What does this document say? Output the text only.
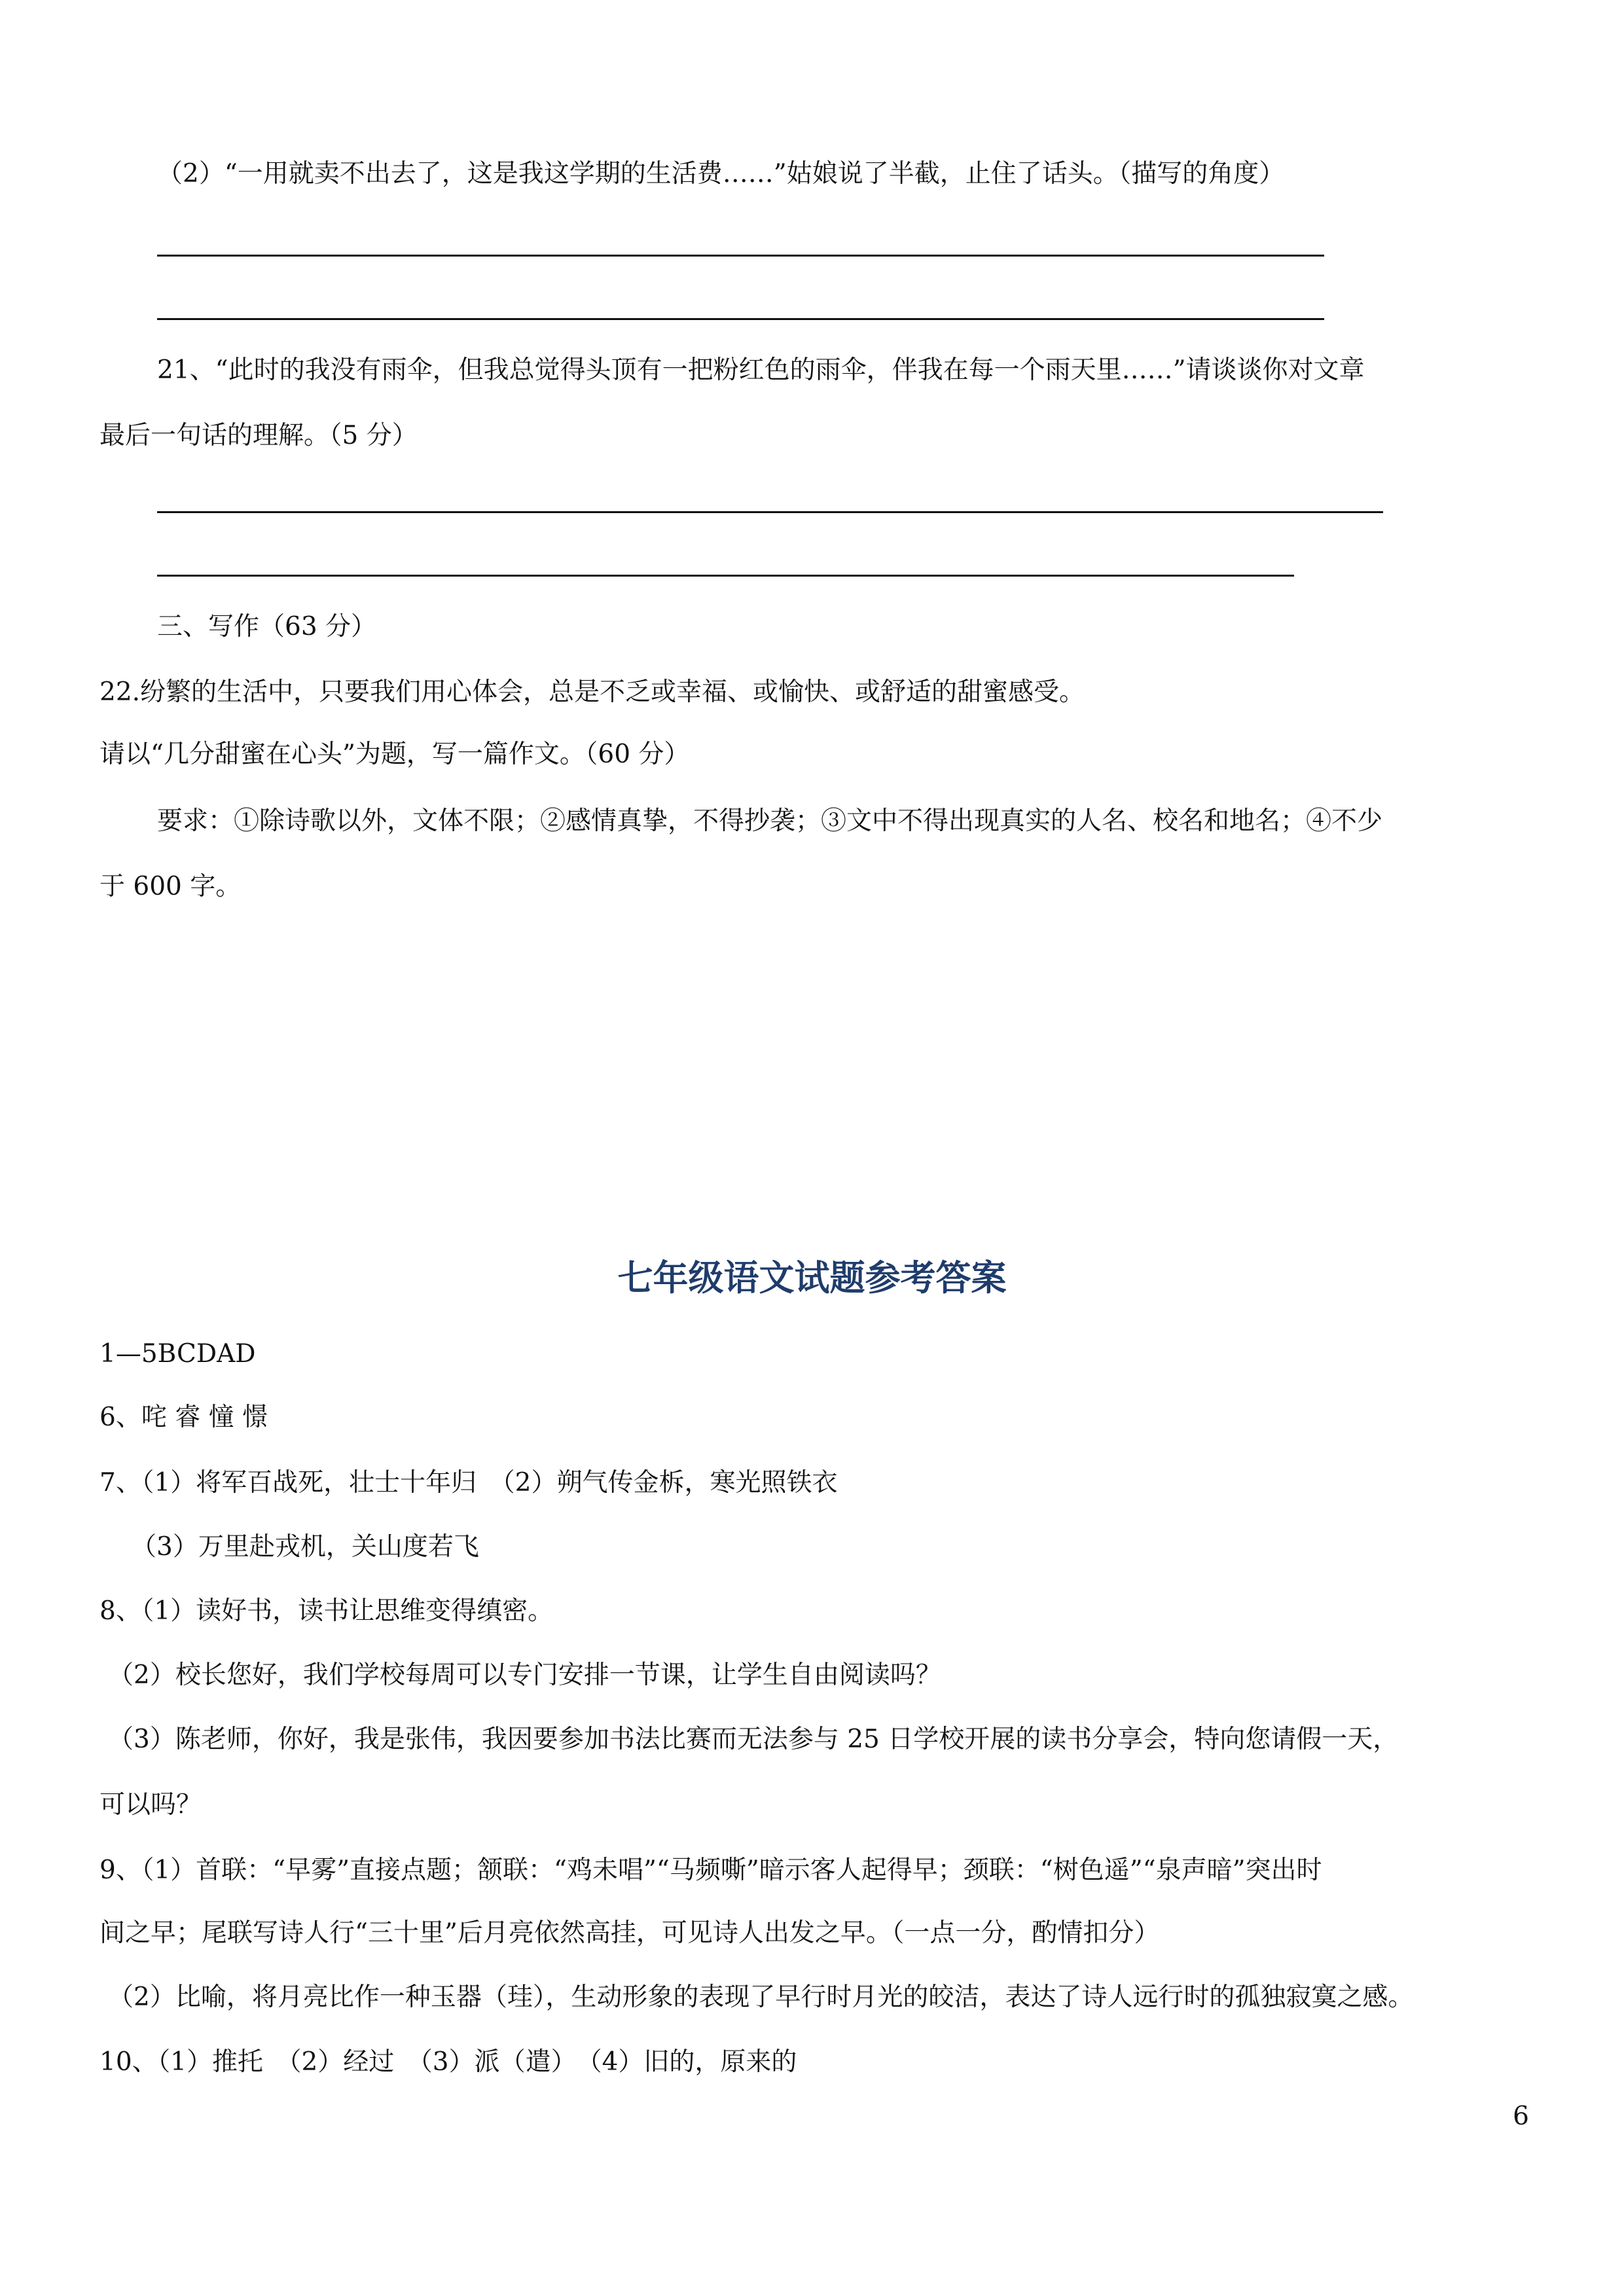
（2）“一用就卖不出去了，这是我这学期的生活费……”姑娘说了半截，止住了话头。（描写的角度）
21、“此时的我没有雨伞，但我总觉得头顶有一把粉红色的雨伞，伴我在每一个雨天里……”请谈谈你对文章
最后一句话的理解。（5 分）
三、写作（63 分）
22.纷繁的生活中，只要我们用心体会，总是不乏或幸福、或愉快、或舒适的甜蜜感受。
请以“几分甜蜜在心头”为题，写一篇作文。（60 分）
要求：①除诗歌以外，文体不限；②感情真挚，不得抄袭；③文中不得出现真实的人名、校名和地名；④不少
于 600 字。
七年级语文试题参考答案
1—5BCDAD
6、咤 睿 憧 憬
7、（1）将军百战死，壮士十年归　（2）朔气传金柝，寒光照铁衣
（3）万里赴戎机，关山度若飞
8、（1）读好书，读书让思维变得缜密。
（2）校长您好，我们学校每周可以专门安排一节课，让学生自由阅读吗？
（3）陈老师，你好，我是张伟，我因要参加书法比赛而无法参与 25 日学校开展的读书分享会，特向您请假一天，
可以吗？
9、（1）首联：“早雾”直接点题；颔联：“鸡未唱”“马频嘶”暗示客人起得早；颈联：“树色遥”“泉声暗”突出时
间之早；尾联写诗人行“三十里”后月亮依然高挂，可见诗人出发之早。（一点一分，酌情扣分）
（2）比喻，将月亮比作一种玉器（珪），生动形象的表现了早行时月光的皎洁，表达了诗人远行时的孤独寂寞之感。
10、（1）推托　（2）经过　（3）派（遣）　（4）旧的，原来的
6
